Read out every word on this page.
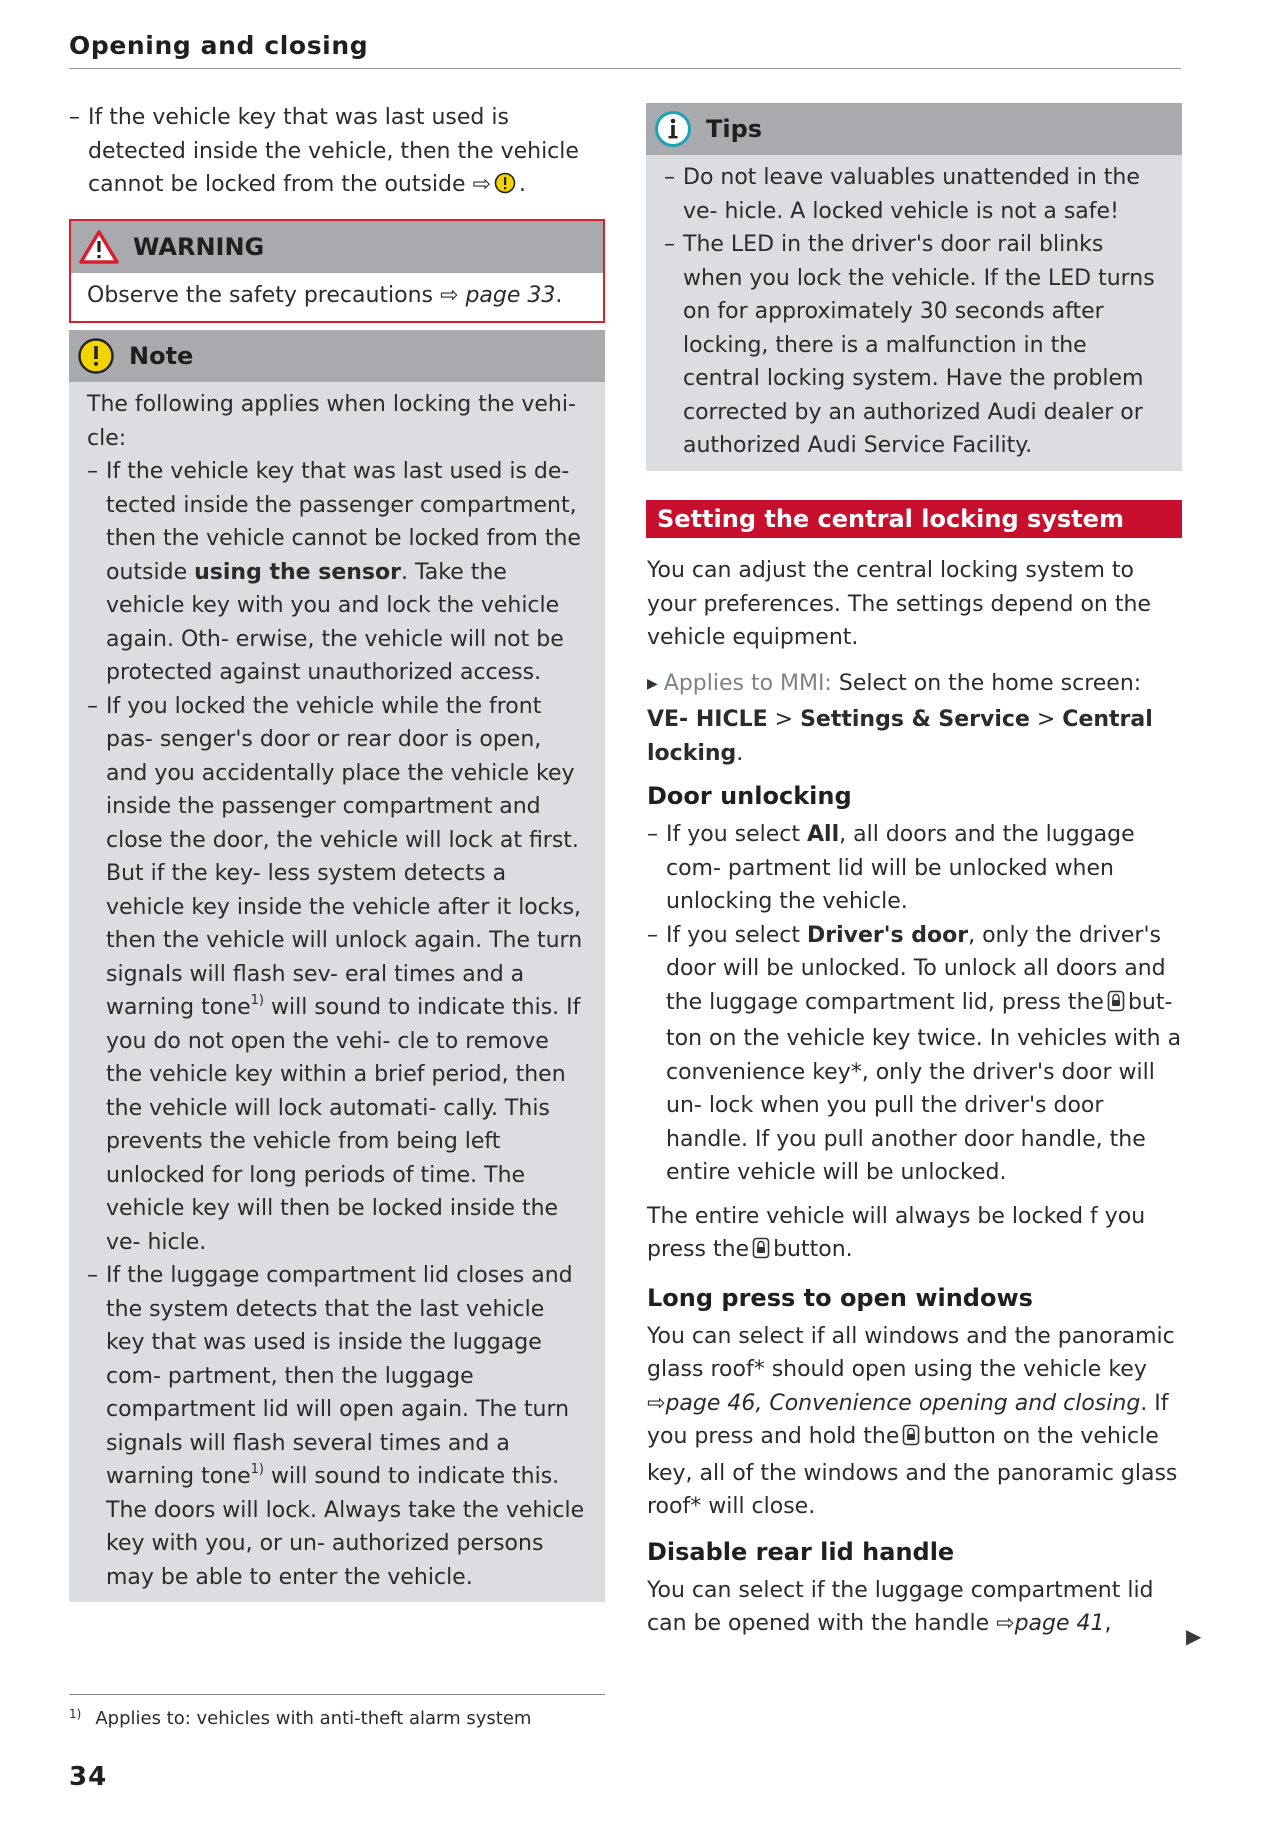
Opening and closing

– If the vehicle key that was last used is detected inside the vehicle, then the vehicle cannot be locked from the outside ⇨ .

WARNING

Observe the safety precautions ⇨ page 33.

Note

The following applies when locking the vehi- cle:

– If the vehicle key that was last used is de- tected inside the passenger compartment, then the vehicle cannot be locked from the outside using the sensor. Take the vehicle key with you and lock the vehicle again. Oth- erwise, the vehicle will not be protected against unauthorized access.

– If you locked the vehicle while the front pas- senger's door or rear door is open, and you accidentally place the vehicle key inside the passenger compartment and close the door, the vehicle will lock at first. But if the key- less system detects a vehicle key inside the vehicle after it locks, then the vehicle will unlock again. The turn signals will flash sev- eral times and a warning tone$^{1)}$ will sound to indicate this. If you do not open the vehi- cle to remove the vehicle key within a brief period, then the vehicle will lock automati- cally. This prevents the vehicle from being left unlocked for long periods of time. The vehicle key will then be locked inside the ve- hicle.

– If the luggage compartment lid closes and the system detects that the last vehicle key that was used is inside the luggage com- partment, then the luggage compartment lid will open again. The turn signals will flash several times and a warning tone$^{1)}$ will sound to indicate this. The doors will lock. Always take the vehicle key with you, or un- authorized persons may be able to enter the vehicle.

Tips

– Do not leave valuables unattended in the ve- hicle. A locked vehicle is not a safe!

– The LED in the driver's door rail blinks when you lock the vehicle. If the LED turns on for approximately 30 seconds after locking, there is a malfunction in the central locking system. Have the problem corrected by an authorized Audi dealer or authorized Audi Service Facility.

Setting the central locking system

You can adjust the central locking system to your preferences. The settings depend on the vehicle equipment.

▶ Applies to MMI: Select on the home screen: VE- HICLE > Settings & Service > Central locking.

Door unlocking

– If you select All, all doors and the luggage com- partment lid will be unlocked when unlocking the vehicle.

– If you select Driver's door, only the driver's door will be unlocked. To unlock all doors and the luggage compartment lid, press the but- ton on the vehicle key twice. In vehicles with a convenience key*, only the driver's door will un- lock when you pull the driver's door handle. If you pull another door handle, the entire vehicle will be unlocked.

The entire vehicle will always be locked f you press the button.

Long press to open windows

You can select if all windows and the panoramic glass roof* should open using the vehicle key ⇨page 46, Convenience opening and closing. If you press and hold the button on the vehicle key, all of the windows and the panoramic glass roof* will close.

Disable rear lid handle

You can select if the luggage compartment lid can be opened with the handle ⇨page 41,	▶
$^{1)}$ Applies to: vehicles with anti-theft alarm system
34
